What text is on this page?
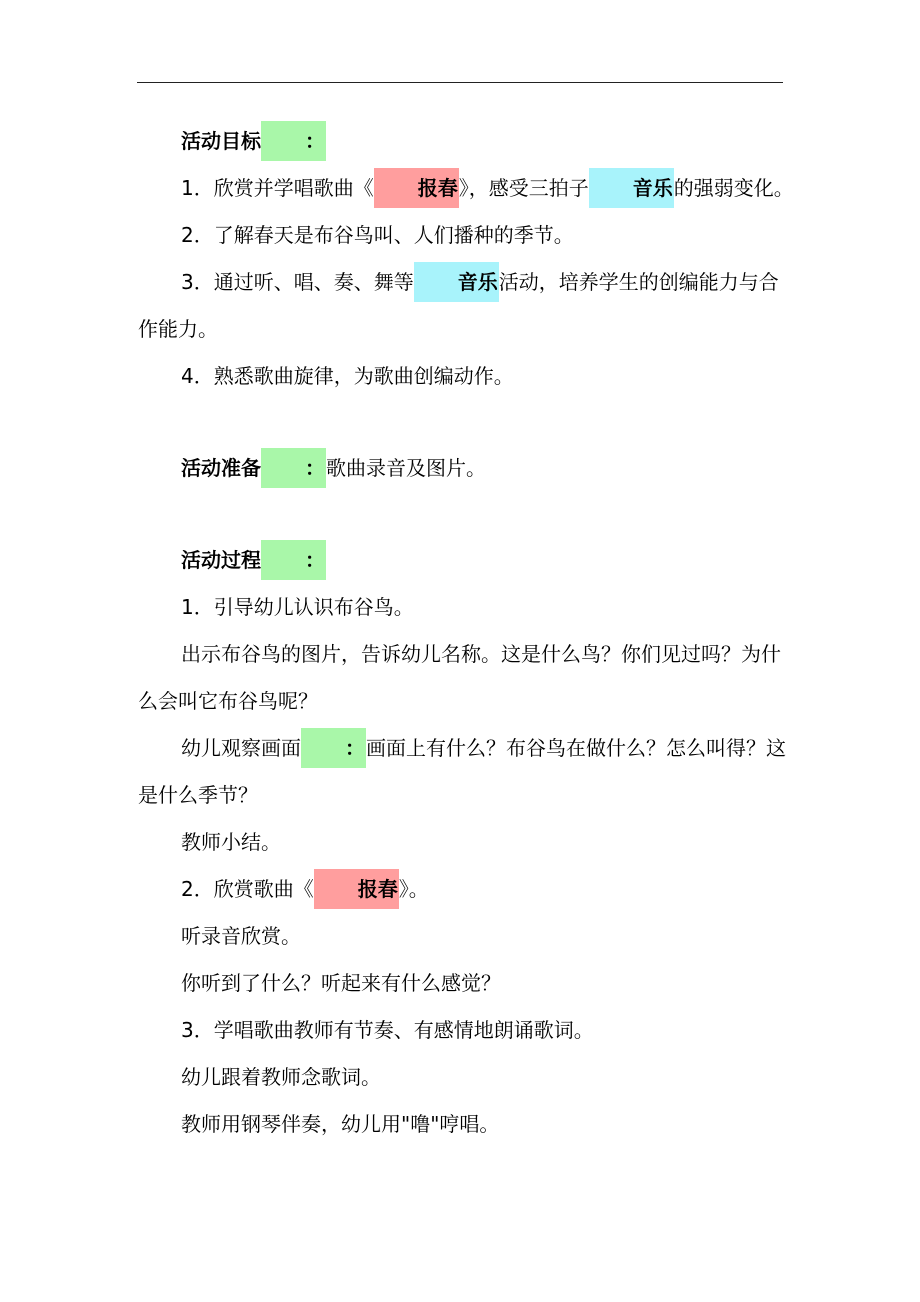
活动目标 ：

1．欣赏并学唱歌曲《 报春》，感受三拍子 音乐的强弱变化。

2．了解春天是布谷鸟叫、人们播种的季节。

3．通过听、唱、奏、舞等 音乐活动，培养学生的创编能力与合作能力。

4．熟悉歌曲旋律，为歌曲创编动作。

活动准备 ：歌曲录音及图片。

活动过程 ：

1．引导幼儿认识布谷鸟。

出示布谷鸟的图片，告诉幼儿名称。这是什么鸟？你们见过吗？为什么会叫它布谷鸟呢？

幼儿观察画面 ：画面上有什么？布谷鸟在做什么？怎么叫得？这是什么季节？

教师小结。

2．欣赏歌曲《 报春》。

听录音欣赏。

你听到了什么？听起来有什么感觉？

3．学唱歌曲教师有节奏、有感情地朗诵歌词。

幼儿跟着教师念歌词。

教师用钢琴伴奏，幼儿用"噜"哼唱。
